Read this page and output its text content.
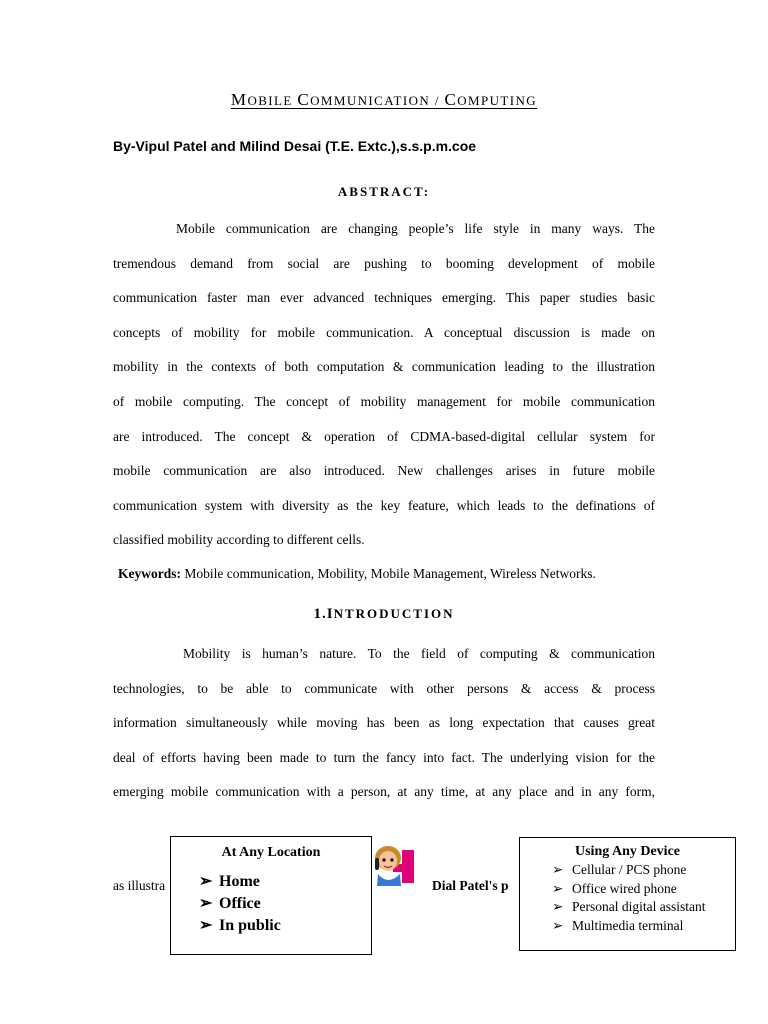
MOBILE COMMUNICATION / COMPUTING
By-Vipul Patel and Milind Desai (T.E. Extc.),s.s.p.m.coe
ABSTRACT:
Mobile communication are changing people’s life style in many ways. The
tremendous demand from social are pushing to booming development of mobile
communication faster man ever advanced techniques emerging. This paper studies basic
concepts of mobility for mobile communication. A conceptual discussion is made on
mobility in the contexts of both computation & communication leading to the illustration
of mobile computing. The concept of mobility management for mobile communication
are introduced. The concept & operation of CDMA-based-digital cellular system for
mobile communication are also introduced. New challenges arises in future mobile
communication system with diversity as the key feature, which leads to the definations of
classified mobility according to different cells.
Keywords: Mobile communication, Mobility, Mobile Management, Wireless Networks.
1.INTRODUCTION
Mobility is human’s nature. To the field of computing & communication
technologies, to be able to communicate with other persons & access & process
information simultaneously while moving has been as long expectation that causes great
deal of efforts having been made to turn the fancy into fact. The underlying vision for the
emerging mobile communication with a person, at any time, at any place and in any form,
as illustra	Dial Patel's p
At Any Location
➢ Home
➢ Office
➢ In public
Using Any Device
➢ Cellular / PCS phone
➢ Office wired phone
➢ Personal digital assistant
➢ Multimedia terminal
